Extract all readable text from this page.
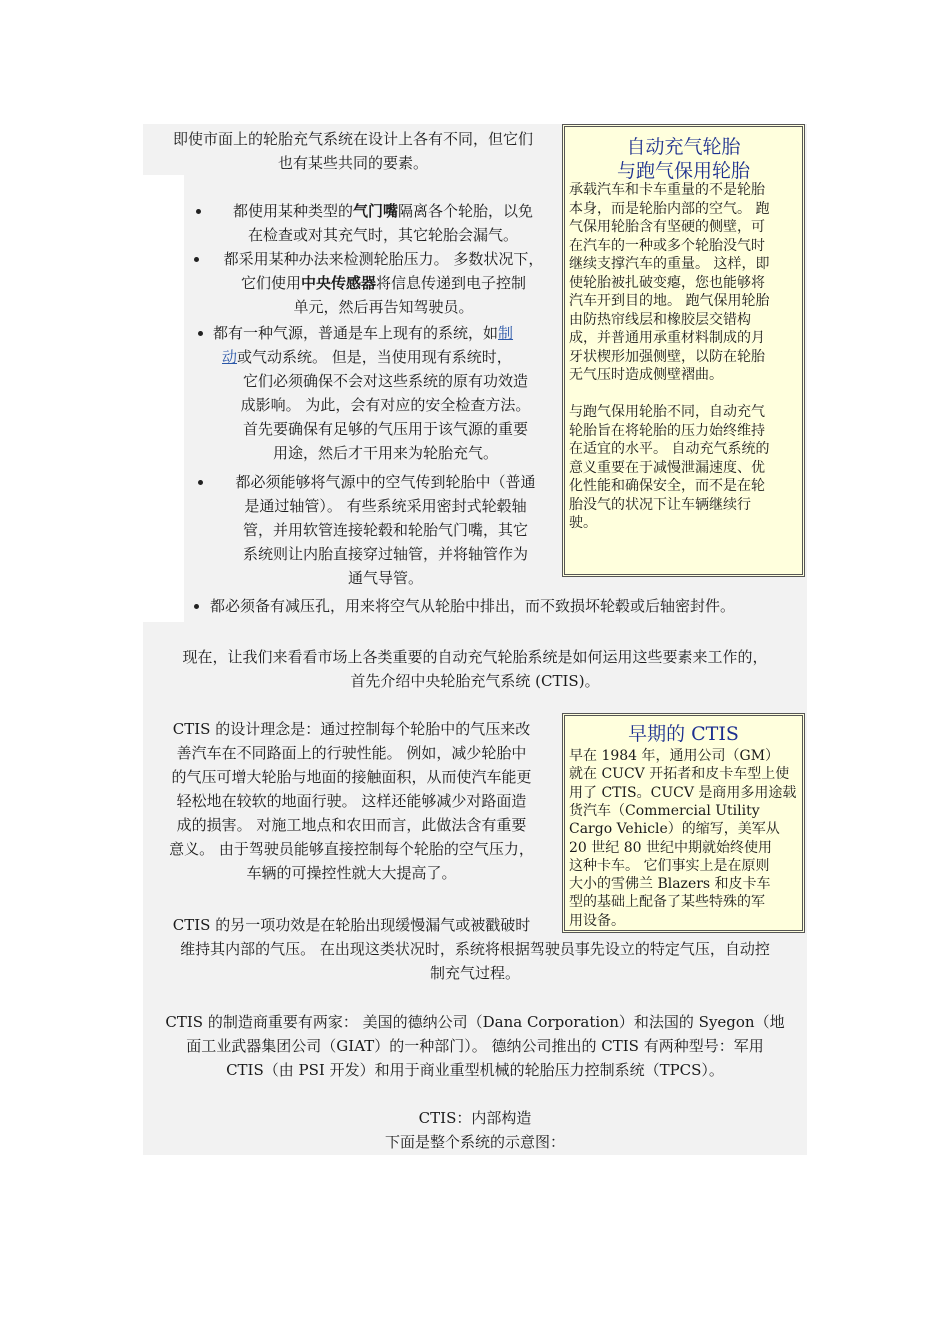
即使市面上的轮胎充气系统在设计上各有不同，但它们
也有某些共同的要素。
都使用某种类型的气门嘴隔离各个轮胎，以免
在检查或对其充气时，其它轮胎会漏气。
都采用某种办法来检测轮胎压力。 多数状况下，
它们使用中央传感器将信息传递到电子控制
单元，然后再告知驾驶员。
都有一种气源，普通是车上现有的系统，如制
动或气动系统。 但是，当使用现有系统时，
它们必须确保不会对这些系统的原有功效造
成影响。 为此，会有对应的安全检查方法。
首先要确保有足够的气压用于该气源的重要
用途，然后才干用来为轮胎充气。
都必须能够将气源中的空气传到轮胎中（普通
是通过轴管）。 有些系统采用密封式轮毂轴
管，并用软管连接轮毂和轮胎气门嘴，其它
系统则让内胎直接穿过轴管，并将轴管作为
通气导管。
都必须备有减压孔，用来将空气从轮胎中排出，而不致损坏轮毂或后轴密封件。
自动充气轮胎
与跑气保用轮胎
承载汽车和卡车重量的不是轮胎
本身，而是轮胎内部的空气。 跑
气保用轮胎含有坚硬的侧壁，可
在汽车的一种或多个轮胎没气时
继续支撑汽车的重量。 这样，即
使轮胎被扎破变瘪，您也能够将
汽车开到目的地。 跑气保用轮胎
由防热帘线层和橡胶层交错构
成，并普通用承重材料制成的月
牙状楔形加强侧壁，以防在轮胎
无气压时造成侧壁褶曲。
与跑气保用轮胎不同，自动充气
轮胎旨在将轮胎的压力始终维持
在适宜的水平。 自动充气系统的
意义重要在于减慢泄漏速度、优
化性能和确保安全，而不是在轮
胎没气的状况下让车辆继续行
驶。
现在，让我们来看看市场上各类重要的自动充气轮胎系统是如何运用这些要素来工作的，
首先介绍中央轮胎充气系统 (CTIS)。
CTIS 的设计理念是：通过控制每个轮胎中的气压来改
善汽车在不同路面上的行驶性能。 例如，减少轮胎中
的气压可增大轮胎与地面的接触面积，从而使汽车能更
轻松地在较软的地面行驶。 这样还能够减少对路面造
成的损害。 对施工地点和农田而言，此做法含有重要
意义。 由于驾驶员能够直接控制每个轮胎的空气压力，
车辆的可操控性就大大提高了。
CTIS 的另一项功效是在轮胎出现缓慢漏气或被戳破时
维持其内部的气压。 在出现这类状况时，系统将根据驾驶员事先设立的特定气压，自动控
制充气过程。
早期的 CTIS
早在 1984 年，通用公司（GM）
就在 CUCV 开拓者和皮卡车型上使
用了 CTIS。CUCV 是商用多用途载
货汽车（Commercial Utility
Cargo Vehicle）的缩写，美军从
20 世纪 80 世纪中期就始终使用
这种卡车。 它们事实上是在原则
大小的雪佛兰 Blazers 和皮卡车
型的基础上配备了某些特殊的军
用设备。
CTIS 的制造商重要有两家： 美国的德纳公司（Dana Corporation）和法国的 Syegon（地
面工业武器集团公司（GIAT）的一种部门）。 德纳公司推出的 CTIS 有两种型号：军用
CTIS（由 PSI 开发）和用于商业重型机械的轮胎压力控制系统（TPCS）。
CTIS：内部构造
下面是整个系统的示意图：
